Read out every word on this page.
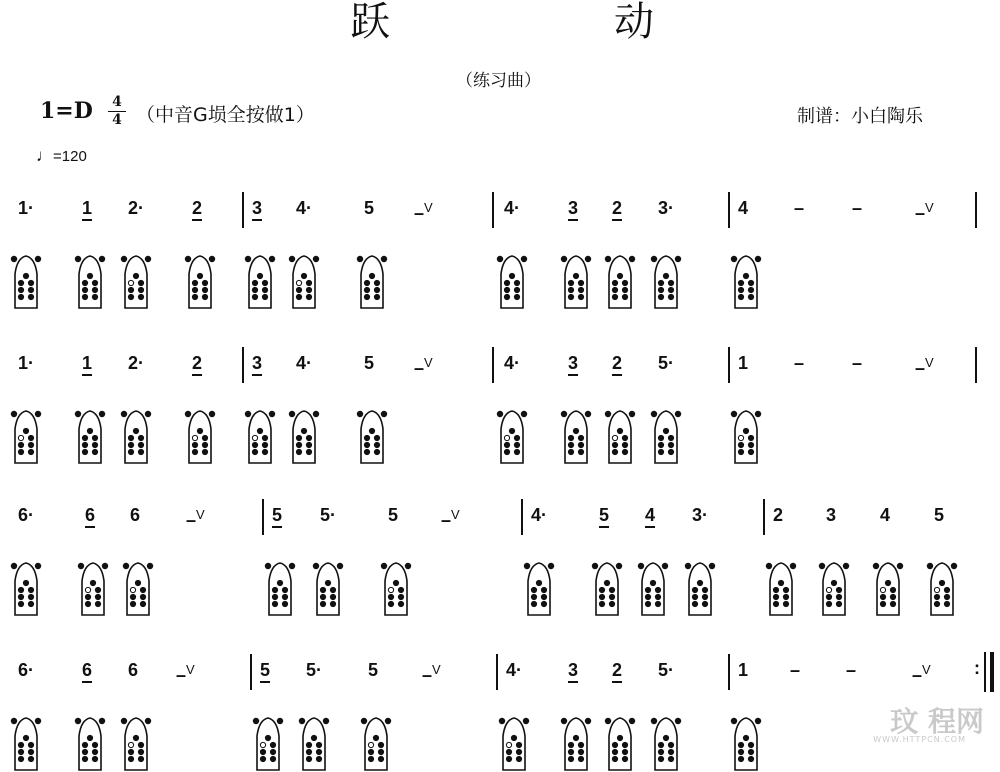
跃	动
（练习曲）
1=D 4
4 （中音G埙全按做1）	制谱：小白陶乐
♩=120
1·	1 2·	2	3 4·	5 –$^V$	4·	3 2 3·	4	–	–	–$^V$
1·	1 2·	2	3 4·	5 –$^V$	4·	3 2 5·	1	–	–	–$^V$
6·	6 6	–$^V$	5 5·	5 –$^V$	4·	5 4 3·	2 3 4 5
6·	6 6 –$^V$	5 5·	5 –$^V$	4·	3 2 5·	1 –	–	–$^V$ :
玟 程网
WWW.HTTPCN.COM
